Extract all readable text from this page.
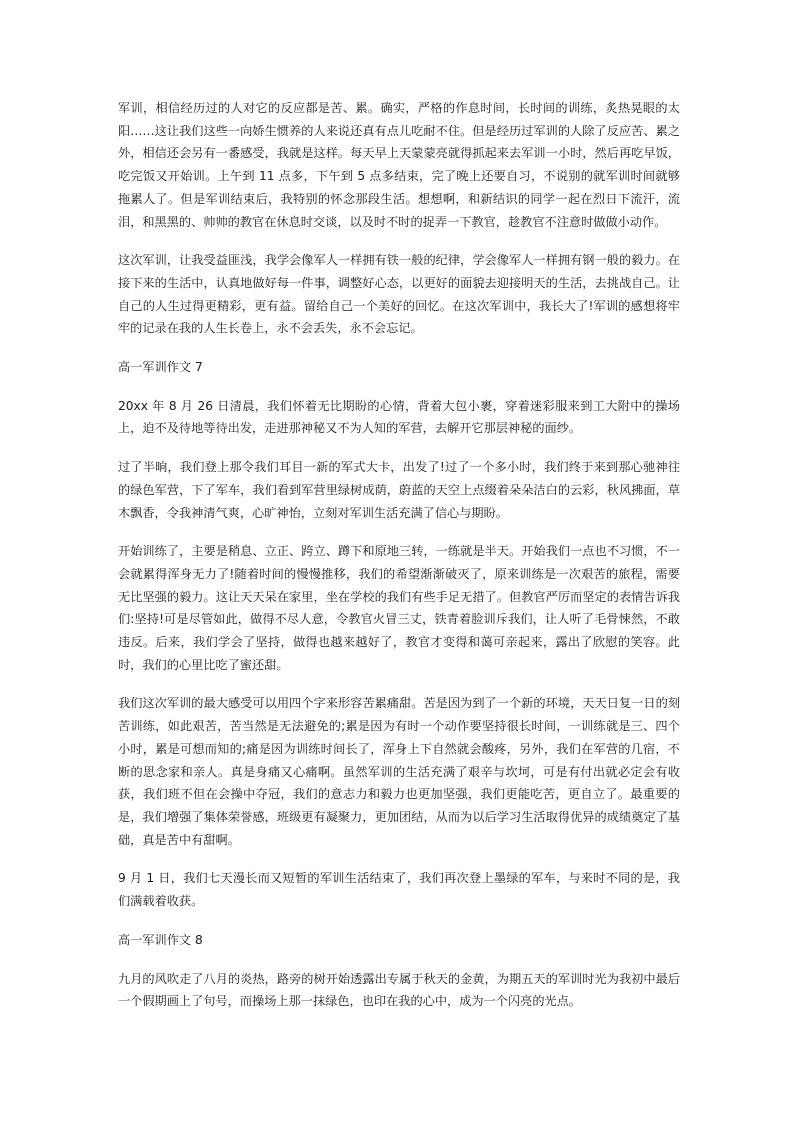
军训，相信经历过的人对它的反应都是苦、累。确实，严格的作息时间，长时间的训练，炙热晃眼的太阳……这让我们这些一向娇生惯养的人来说还真有点儿吃耐不住。但是经历过军训的人除了反应苦、累之外，相信还会另有一番感受，我就是这样。每天早上天蒙蒙亮就得抓起来去军训一小时，然后再吃早饭，吃完饭又开始训。上午到 11 点多，下午到 5 点多结束，完了晚上还要自习，不说别的就军训时间就够拖累人了。但是军训结束后，我特别的怀念那段生活。想想啊，和新结识的同学一起在烈日下流汗，流泪，和黑黑的、帅帅的教官在休息时交谈，以及时不时的捉弄一下教官，趁教官不注意时做做小动作。

这次军训，让我受益匪浅，我学会像军人一样拥有铁一般的纪律，学会像军人一样拥有钢一般的毅力。在接下来的生活中，认真地做好每一件事，调整好心态，以更好的面貌去迎接明天的生活，去挑战自己。让自己的人生过得更精彩，更有益。留给自己一个美好的回忆。在这次军训中，我长大了!军训的感想将牢牢的记录在我的人生长卷上，永不会丢失，永不会忘记。

高一军训作文 7

20xx 年 8 月 26 日清晨，我们怀着无比期盼的心情，背着大包小裹，穿着迷彩服来到工大附中的操场上，迫不及待地等待出发，走进那神秘又不为人知的军营，去解开它那层神秘的面纱。

过了半晌，我们登上那令我们耳目一新的军式大卡，出发了!过了一个多小时，我们终于来到那心驰神往的绿色军营，下了军车，我们看到军营里绿树成荫，蔚蓝的天空上点缀着朵朵洁白的云彩，秋风拂面，草木飘香，令我神清气爽，心旷神怡，立刻对军训生活充满了信心与期盼。

开始训练了，主要是稍息、立正、跨立、蹲下和原地三转，一练就是半天。开始我们一点也不习惯，不一会就累得浑身无力了!随着时间的慢慢推移，我们的希望渐渐破灭了，原来训练是一次艰苦的旅程，需要无比坚强的毅力。这让天天呆在家里，坐在学校的我们有些手足无措了。但教官严厉而坚定的表情告诉我们:坚持!可是尽管如此，做得不尽人意，令教官火冒三丈，铁青着脸训斥我们，让人听了毛骨悚然，不敢违反。后来，我们学会了坚持，做得也越来越好了，教官才变得和蔼可亲起来，露出了欣慰的笑容。此时，我们的心里比吃了蜜还甜。

我们这次军训的最大感受可以用四个字来形容苦累痛甜。苦是因为到了一个新的环境，天天日复一日的刻苦训练，如此艰苦，苦当然是无法避免的;累是因为有时一个动作要坚持很长时间，一训练就是三、四个小时，累是可想而知的;痛是因为训练时间长了，浑身上下自然就会酸疼，另外，我们在军营的几宿，不断的思念家和亲人。真是身痛又心痛啊。虽然军训的生活充满了艰辛与坎坷，可是有付出就必定会有收获，我们班不但在会操中夺冠，我们的意志力和毅力也更加坚强，我们更能吃苦，更自立了。最重要的是，我们增强了集体荣誉感，班级更有凝聚力，更加团结，从而为以后学习生活取得优异的成绩奠定了基础，真是苦中有甜啊。

9 月 1 日，我们七天漫长而又短暂的军训生活结束了，我们再次登上墨绿的军车，与来时不同的是，我们满载着收获。

高一军训作文 8

九月的风吹走了八月的炎热，路旁的树开始透露出专属于秋天的金黄，为期五天的军训时光为我初中最后一个假期画上了句号，而操场上那一抹绿色，也印在我的心中，成为一个闪亮的光点。
